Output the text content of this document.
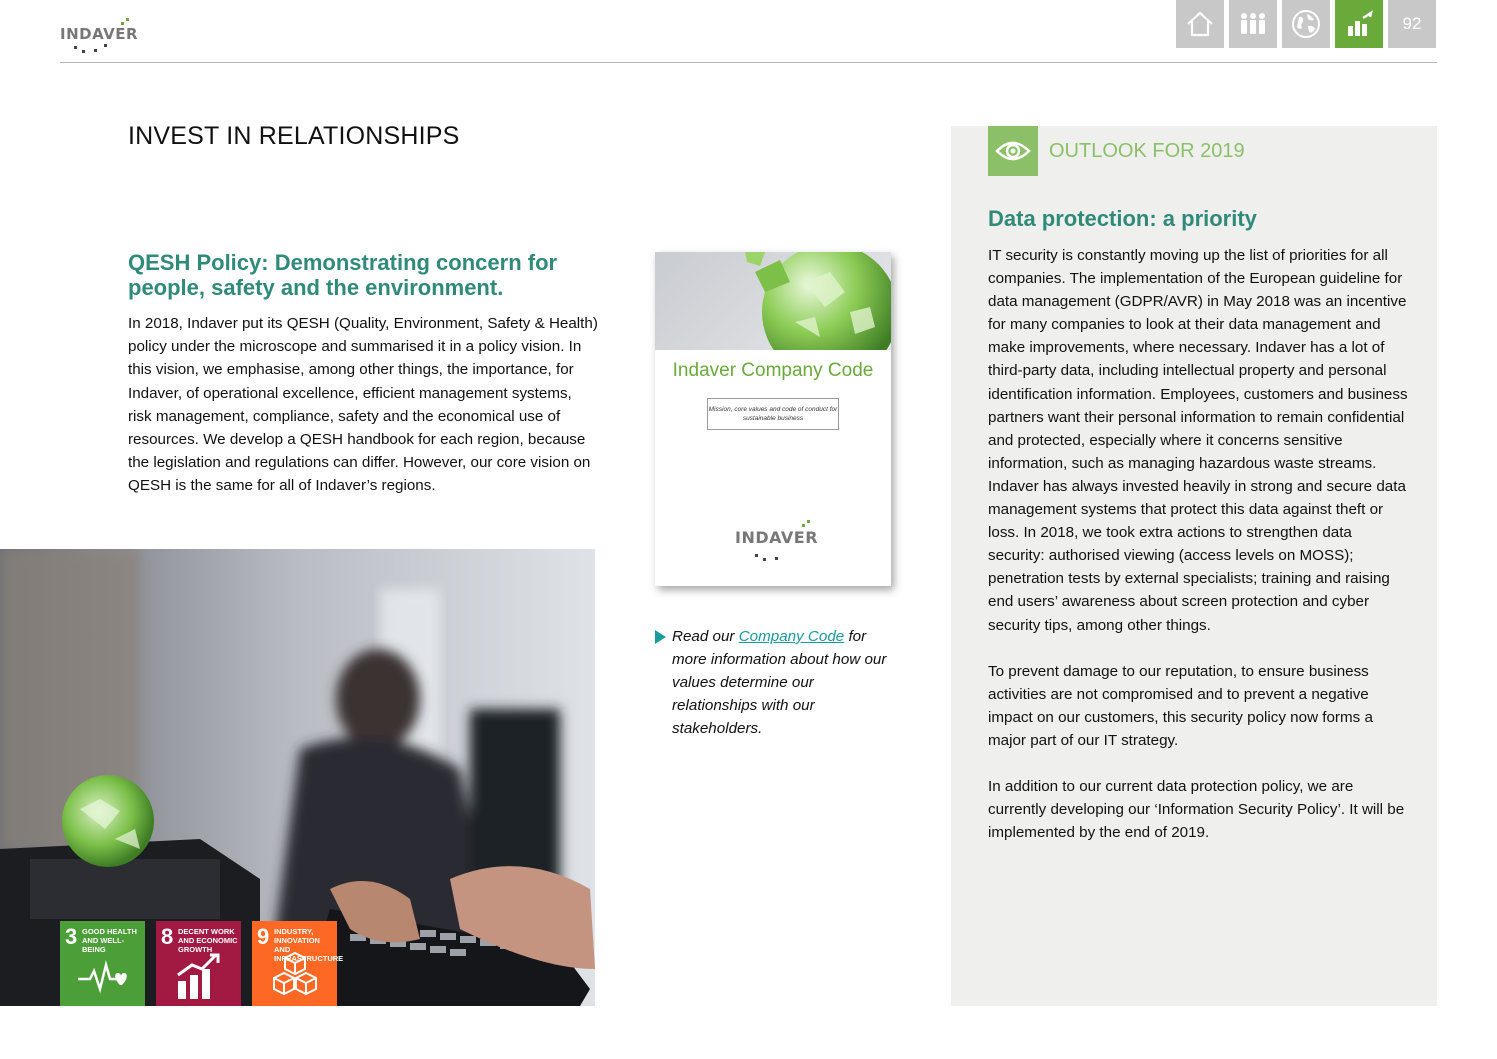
INDAVER
92
INVEST IN RELATIONSHIPS
QESH Policy: Demonstrating concern for people, safety and the environment.
In 2018, Indaver put its QESH (Quality, Environment, Safety & Health) policy under the microscope and summarised it in a policy vision. In this vision, we emphasise, among other things, the importance, for Indaver, of operational excellence, efficient management systems, risk management, compliance, safety and the economical use of resources. We develop a QESH handbook for each region, because the legislation and regulations can differ. However, our core vision on QESH is the same for all of Indaver’s regions.
3 GOOD HEALTH AND WELL-BEING
8 DECENT WORK AND ECONOMIC GROWTH
9 INDUSTRY, INNOVATION AND INFRASTRUCTURE
Indaver Company Code
Mission, core values and code of conduct for sustainable business
INDAVER
Read our Company Code for more information about how our values determine our relationships with our stakeholders.
OUTLOOK FOR 2019
Data protection: a priority

IT security is constantly moving up the list of priorities for all companies. The implementation of the European guideline for data management (GDPR/AVR) in May 2018 was an incentive for many companies to look at their data management and make improvements, where necessary. Indaver has a lot of third-party data, including intellectual property and personal identification information. Employees, customers and business partners want their personal information to remain confidential and protected, especially where it concerns sensitive information, such as managing hazardous waste streams. Indaver has always invested heavily in strong and secure data management systems that protect this data against theft or loss. In 2018, we took extra actions to strengthen data security: authorised viewing (access levels on MOSS); penetration tests by external specialists; training and raising end users’ awareness about screen protection and cyber security tips, among other things.

To prevent damage to our reputation, to ensure business activities are not compromised and to prevent a negative impact on our customers, this security policy now forms a major part of our IT strategy.

In addition to our current data protection policy, we are currently developing our ‘Information Security Policy’. It will be implemented by the end of 2019.
